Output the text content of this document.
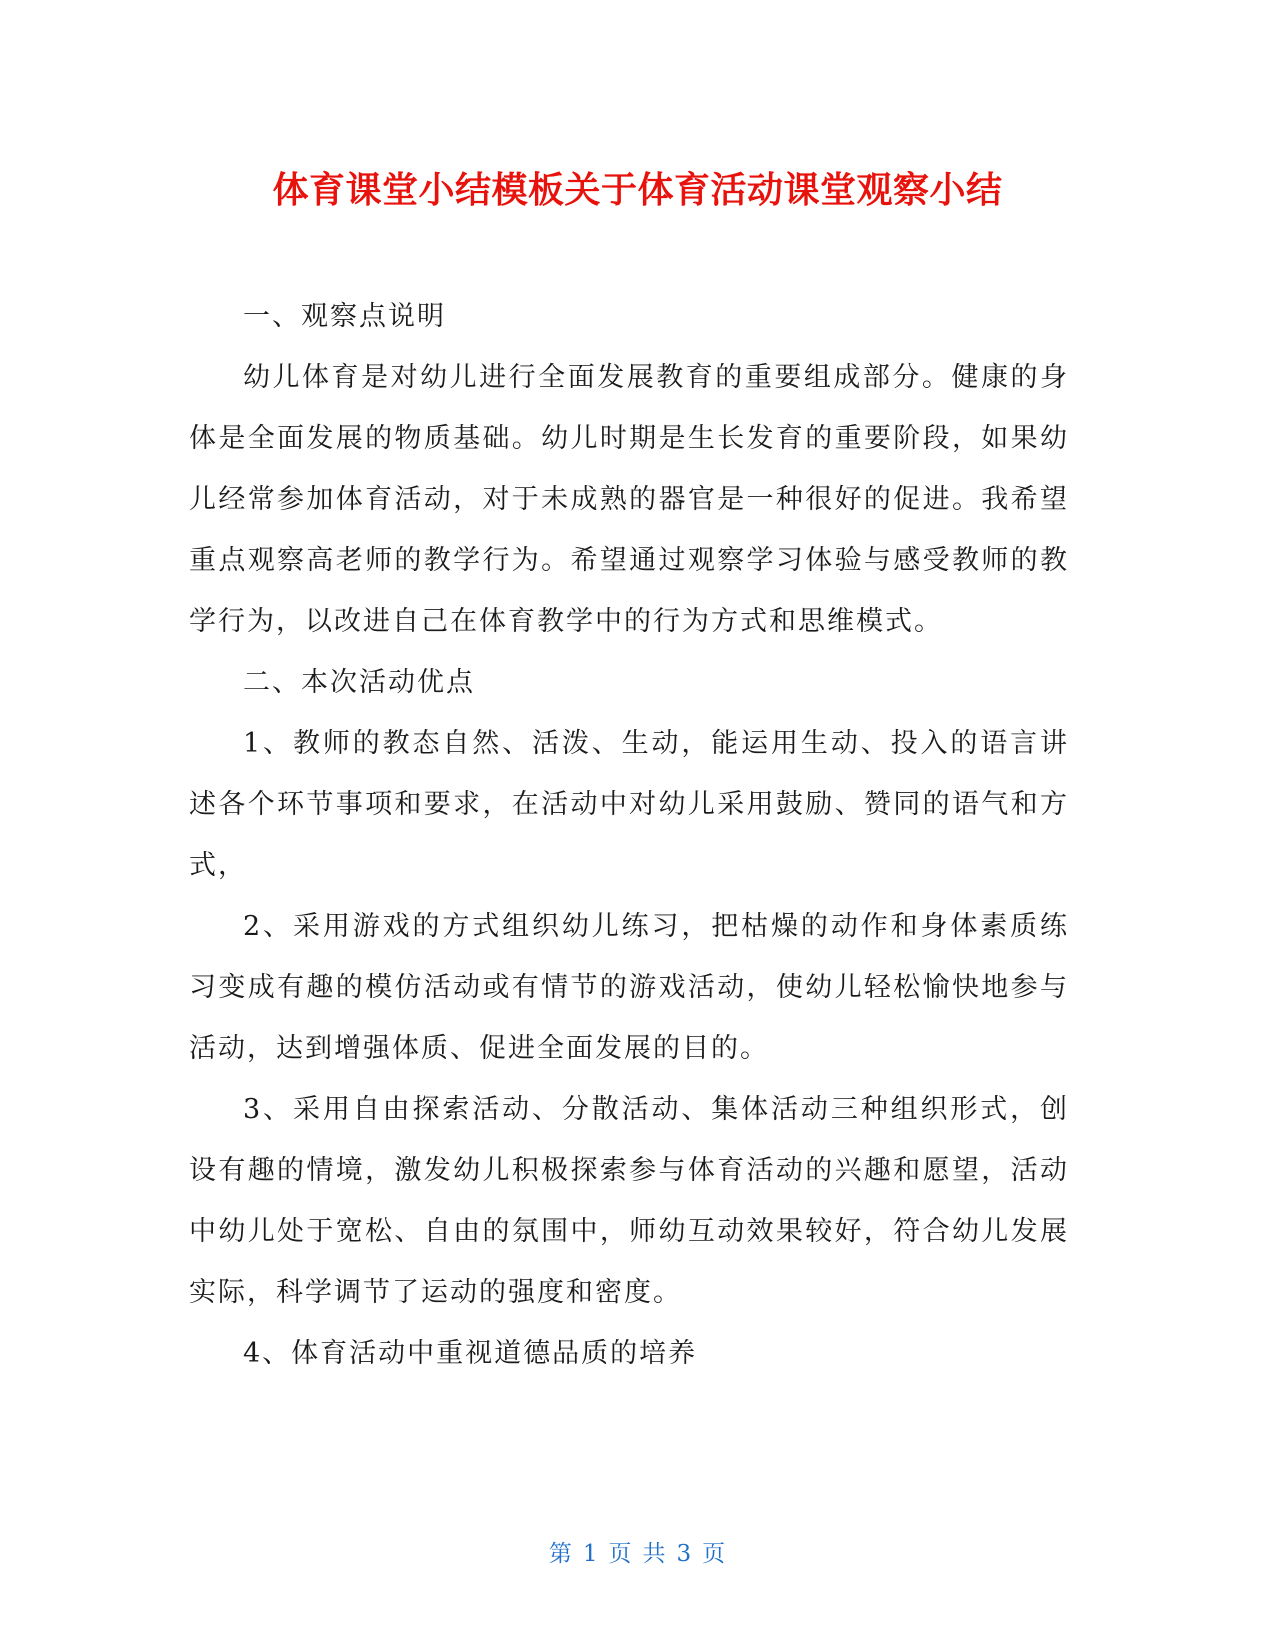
体育课堂小结模板关于体育活动课堂观察小结

一、观察点说明

幼儿体育是对幼儿进行全面发展教育的重要组成部分。健康的身体是全面发展的物质基础。幼儿时期是生长发育的重要阶段，如果幼儿经常参加体育活动，对于未成熟的器官是一种很好的促进。我希望重点观察高老师的教学行为。希望通过观察学习体验与感受教师的教学行为，以改进自己在体育教学中的行为方式和思维模式。

二、本次活动优点

1、教师的教态自然、活泼、生动，能运用生动、投入的语言讲述各个环节事项和要求，在活动中对幼儿采用鼓励、赞同的语气和方式，

2、采用游戏的方式组织幼儿练习，把枯燥的动作和身体素质练习变成有趣的模仿活动或有情节的游戏活动，使幼儿轻松愉快地参与活动，达到增强体质、促进全面发展的目的。

3、采用自由探索活动、分散活动、集体活动三种组织形式，创设有趣的情境，激发幼儿积极探索参与体育活动的兴趣和愿望，活动中幼儿处于宽松、自由的氛围中，师幼互动效果较好，符合幼儿发展实际，科学调节了运动的强度和密度。

4、体育活动中重视道德品质的培养

第 1 页 共 3 页
